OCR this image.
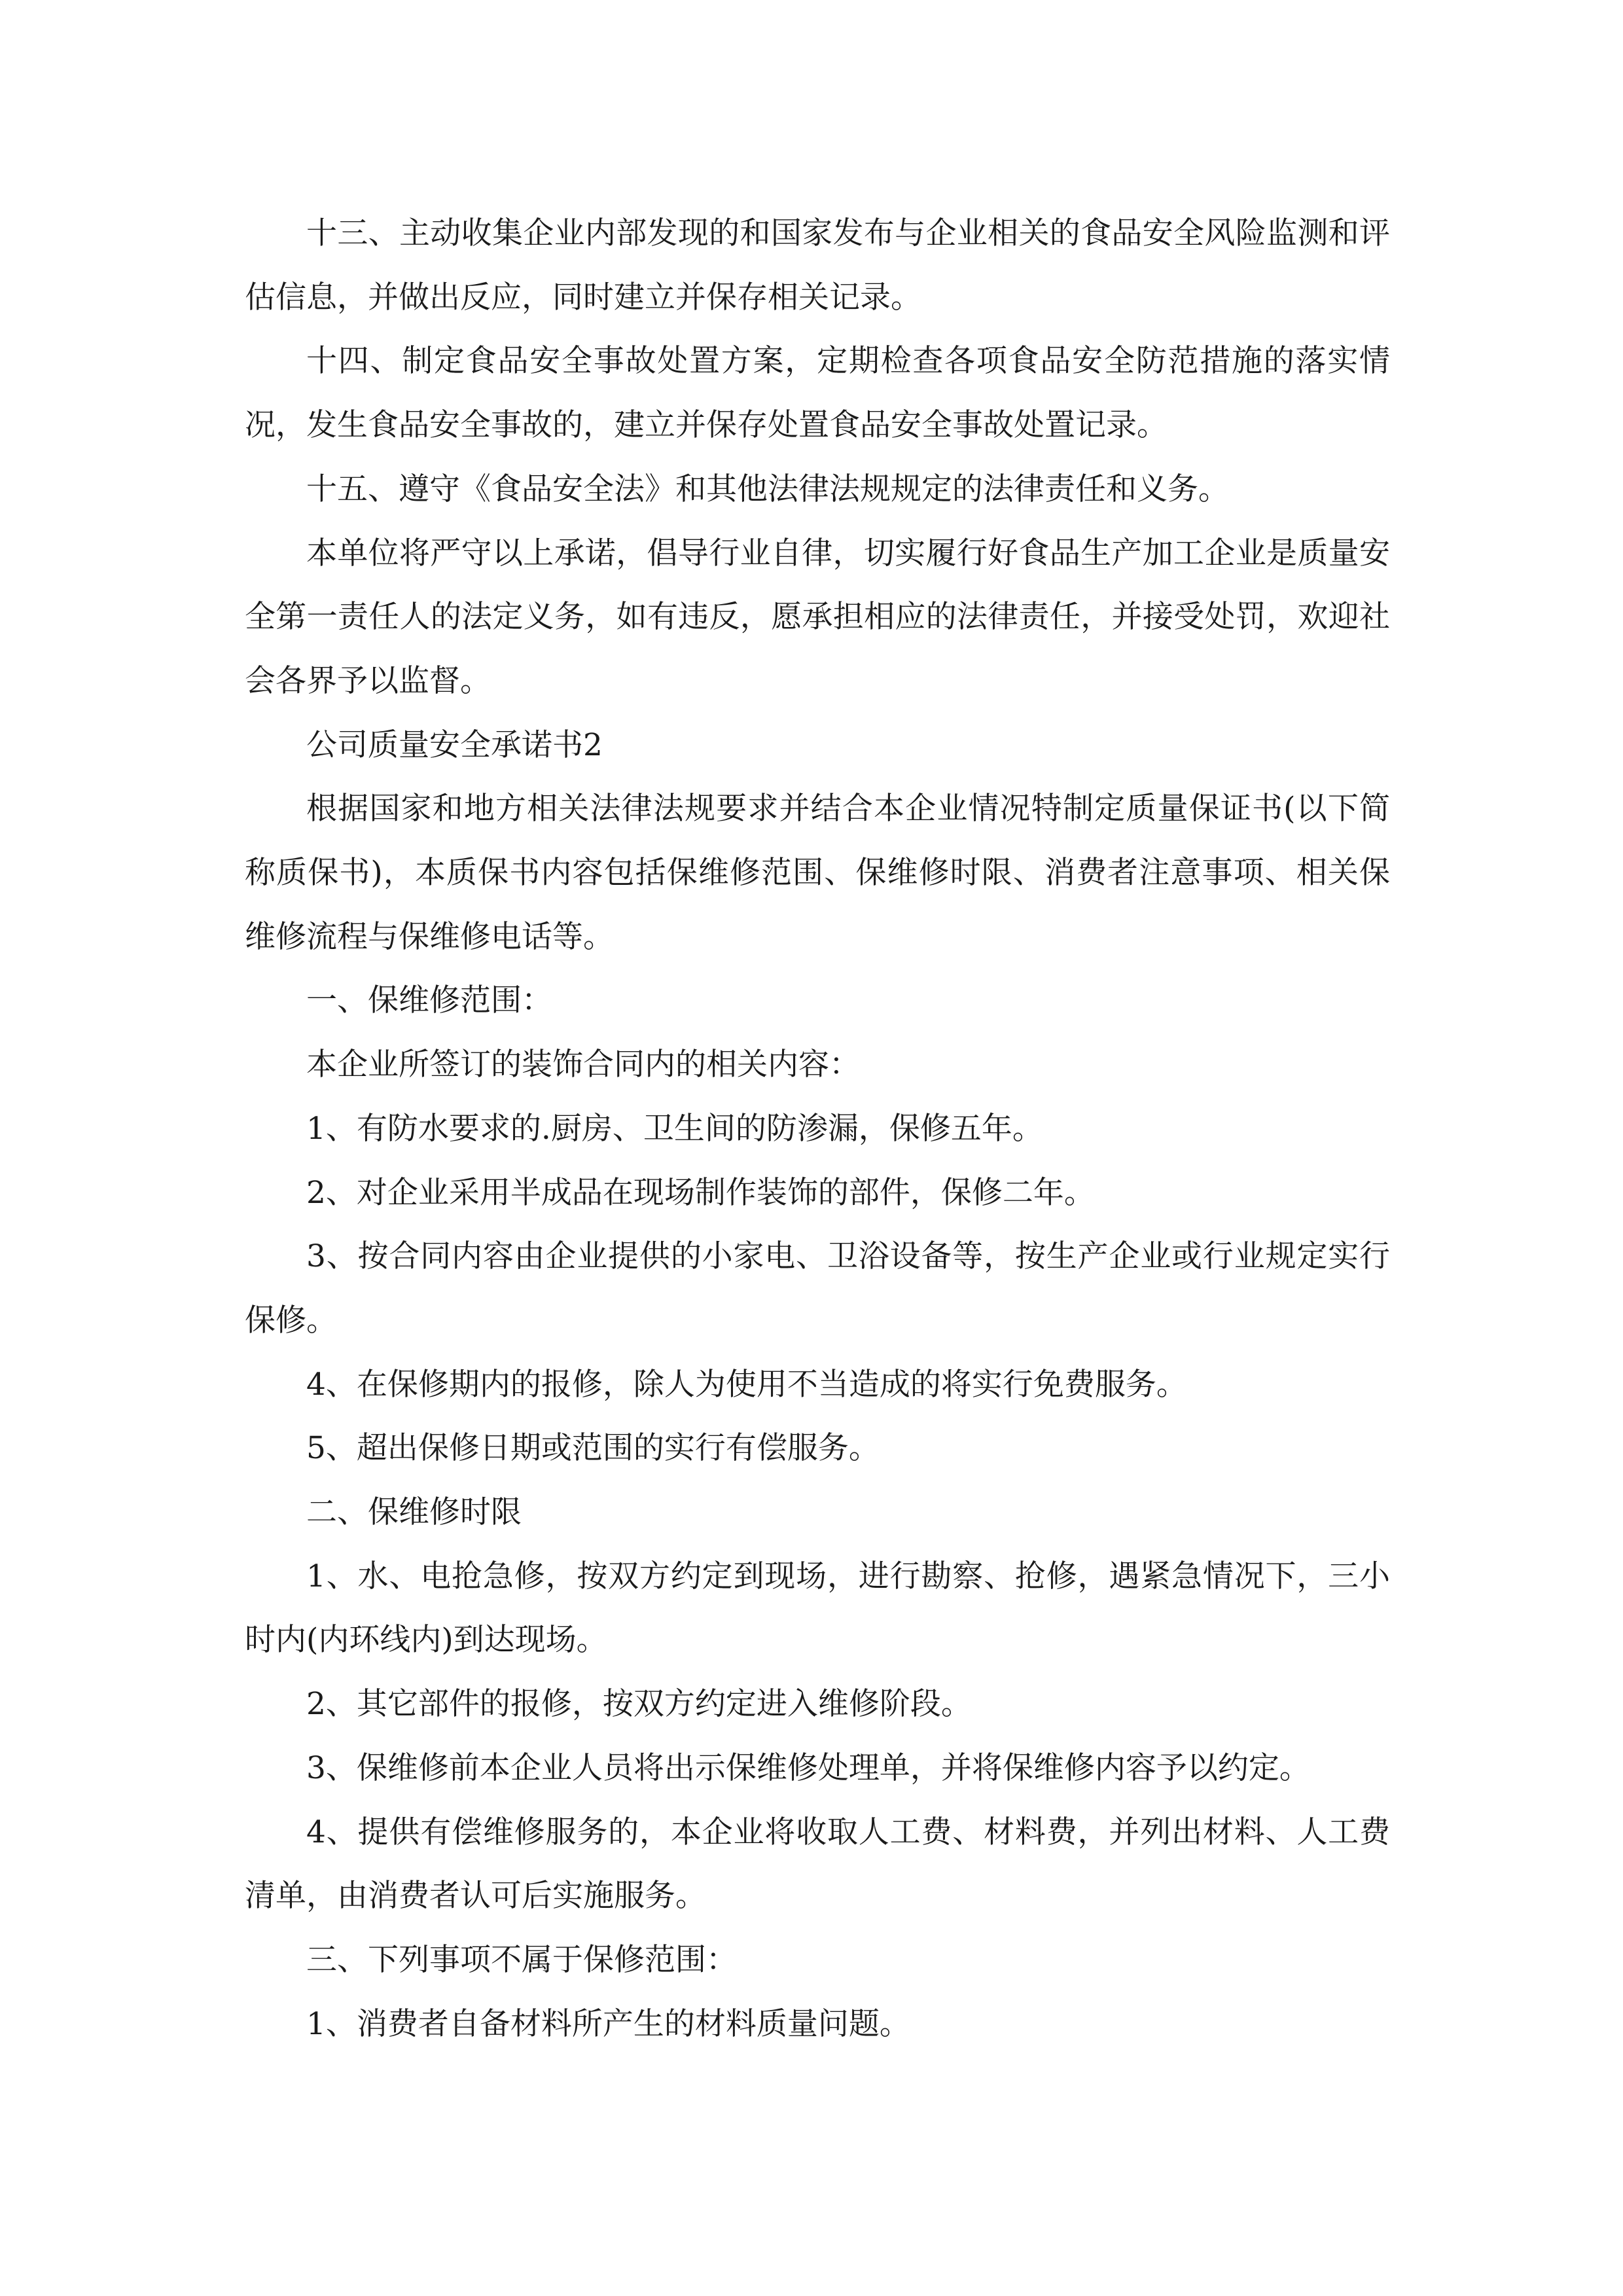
十三、主动收集企业内部发现的和国家发布与企业相关的食品安全风险监测和评估信息，并做出反应，同时建立并保存相关记录。

十四、制定食品安全事故处置方案，定期检查各项食品安全防范措施的落实情况，发生食品安全事故的，建立并保存处置食品安全事故处置记录。

十五、遵守《食品安全法》和其他法律法规规定的法律责任和义务。

本单位将严守以上承诺，倡导行业自律，切实履行好食品生产加工企业是质量安全第一责任人的法定义务，如有违反，愿承担相应的法律责任，并接受处罚，欢迎社会各界予以监督。

公司质量安全承诺书2

根据国家和地方相关法律法规要求并结合本企业情况特制定质量保证书(以下简称质保书)，本质保书内容包括保维修范围、保维修时限、消费者注意事项、相关保维修流程与保维修电话等。

一、保维修范围：

本企业所签订的装饰合同内的相关内容：

1、有防水要求的.厨房、卫生间的防渗漏，保修五年。

2、对企业采用半成品在现场制作装饰的部件，保修二年。

3、按合同内容由企业提供的小家电、卫浴设备等，按生产企业或行业规定实行保修。

4、在保修期内的报修，除人为使用不当造成的将实行免费服务。

5、超出保修日期或范围的实行有偿服务。

二、保维修时限

1、水、电抢急修，按双方约定到现场，进行勘察、抢修，遇紧急情况下，三小时内(内环线内)到达现场。

2、其它部件的报修，按双方约定进入维修阶段。

3、保维修前本企业人员将出示保维修处理单，并将保维修内容予以约定。

4、提供有偿维修服务的，本企业将收取人工费、材料费，并列出材料、人工费清单，由消费者认可后实施服务。

三、下列事项不属于保修范围：

1、消费者自备材料所产生的材料质量问题。
